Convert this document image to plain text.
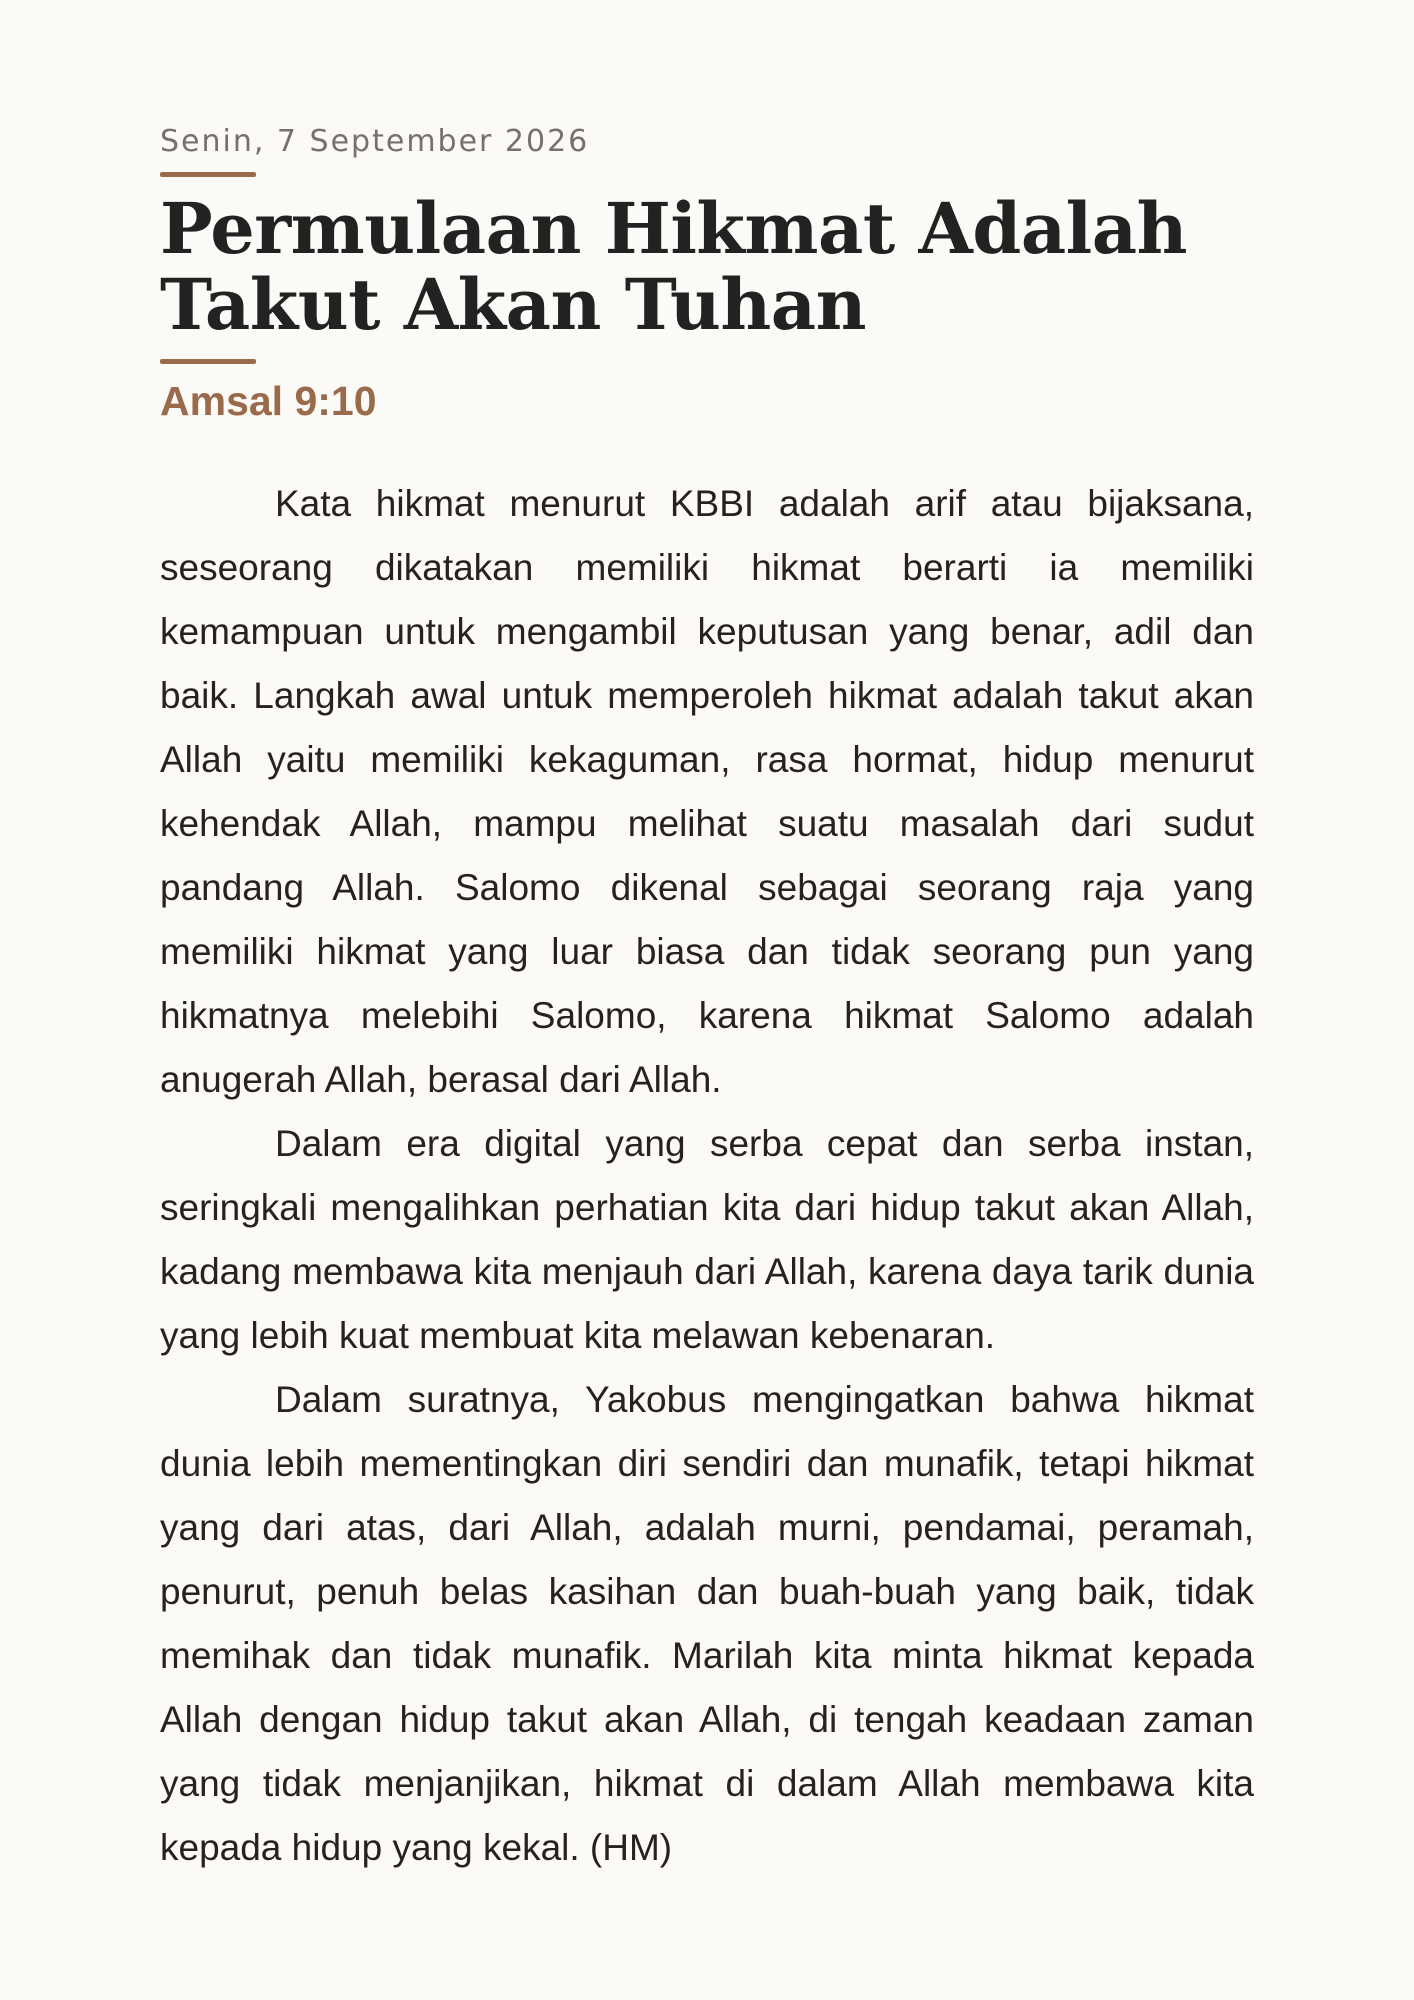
Senin, 7 September 2026

Permulaan Hikmat Adalah Takut Akan Tuhan

Amsal 9:10

Kata hikmat menurut KBBI adalah arif atau bijaksana, seseorang dikatakan memiliki hikmat berarti ia memiliki kemampuan untuk mengambil keputusan yang benar, adil dan baik. Langkah awal untuk memperoleh hikmat adalah takut akan Allah yaitu memiliki kekaguman, rasa hormat, hidup menurut kehendak Allah, mampu melihat suatu masalah dari sudut pandang Allah. Salomo dikenal sebagai seorang raja yang memiliki hikmat yang luar biasa dan tidak seorang pun yang hikmatnya melebihi Salomo, karena hikmat Salomo adalah anugerah Allah, berasal dari Allah.

Dalam era digital yang serba cepat dan serba instan, seringkali mengalihkan perhatian kita dari hidup takut akan Allah, kadang membawa kita menjauh dari Allah, karena daya tarik dunia yang lebih kuat membuat kita melawan kebenaran.

Dalam suratnya, Yakobus mengingatkan bahwa hikmat dunia lebih mementingkan diri sendiri dan munafik, tetapi hikmat yang dari atas, dari Allah, adalah murni, pendamai, peramah, penurut, penuh belas kasihan dan buah-buah yang baik, tidak memihak dan tidak munafik. Marilah kita minta hikmat kepada Allah dengan hidup takut akan Allah, di tengah keadaan zaman yang tidak menjanjikan, hikmat di dalam Allah membawa kita kepada hidup yang kekal. (HM)
